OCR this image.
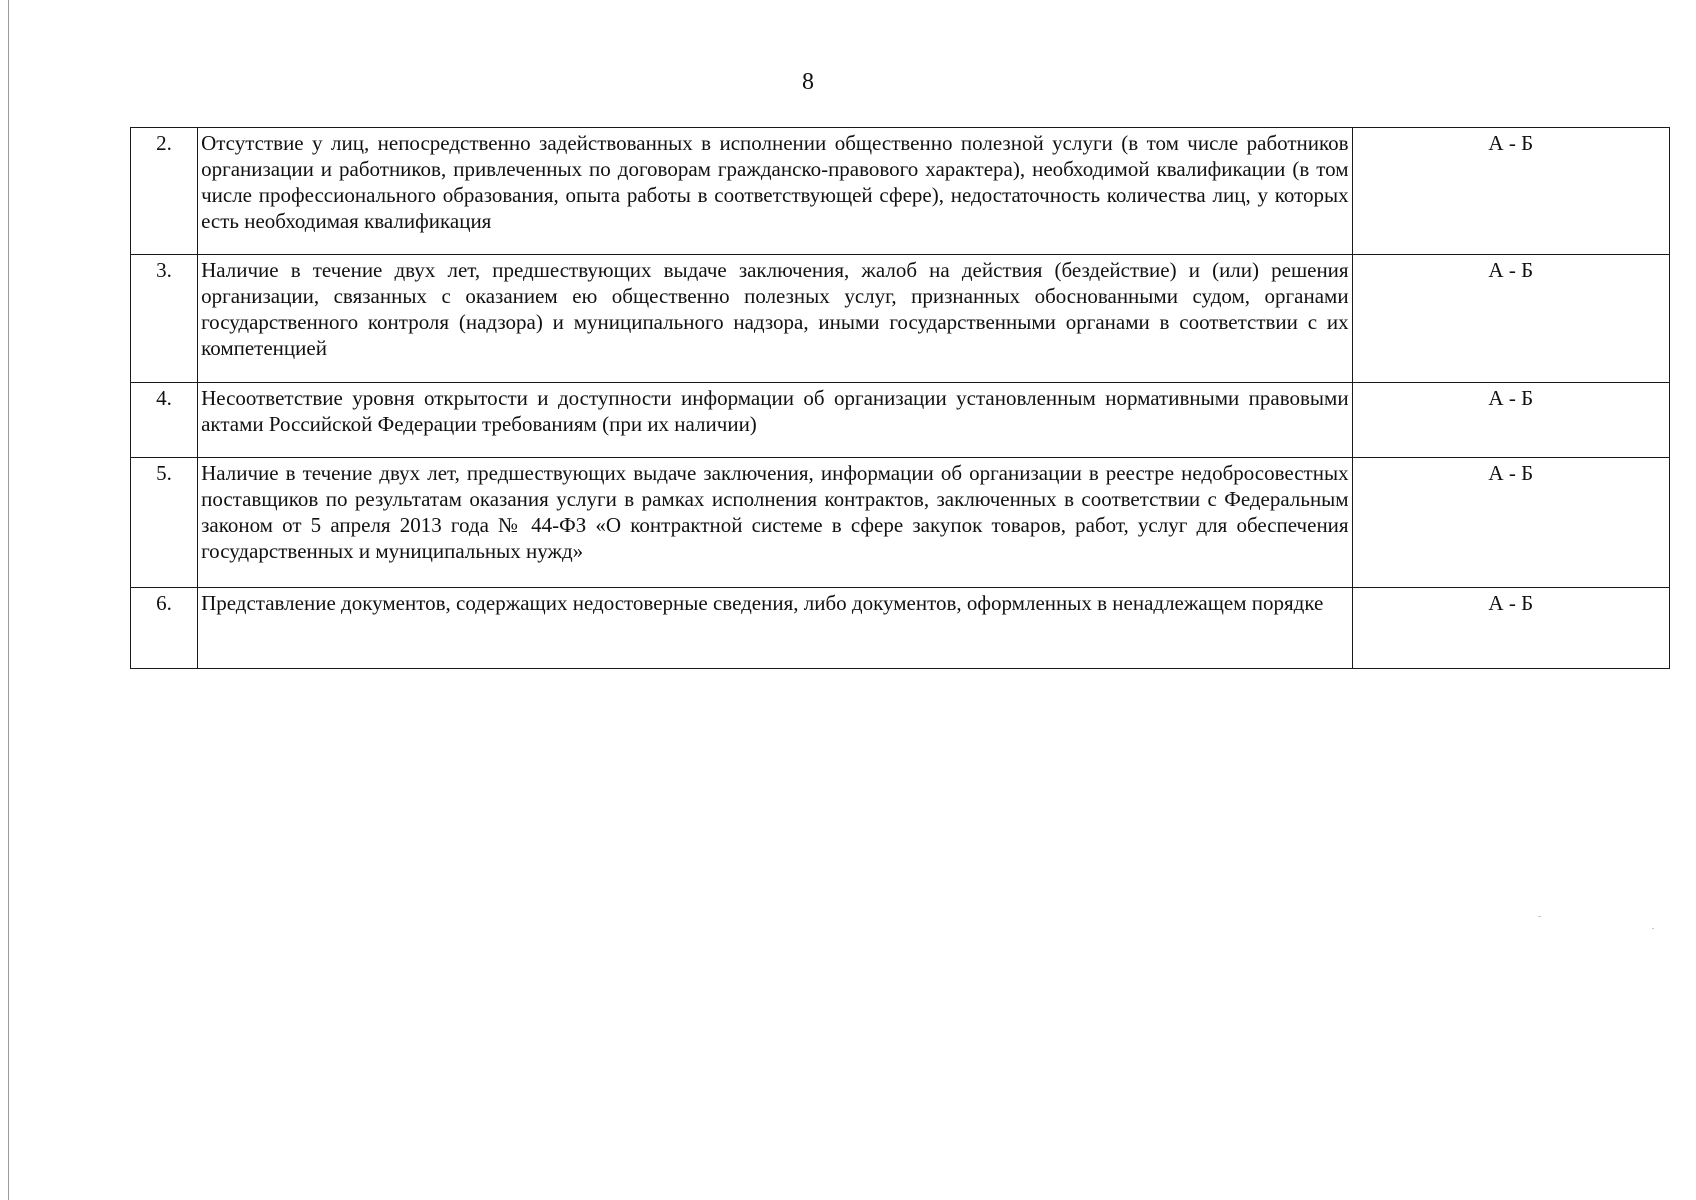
8
2.	Отсутствие у лиц, непосредственно задействованных в исполнении общественно полезной услуги (в том числе работников организации и работников, привлеченных по договорам гражданско-правового характера), необходимой квалификации (в том числе профессионального образования, опыта работы в соответствующей сфере), недостаточность количества лиц, у которых есть необходимая квалификация	А - Б
3.	Наличие в течение двух лет, предшествующих выдаче заключения, жалоб на действия (бездействие) и (или) решения организации, связанных с оказанием ею общественно полезных услуг, признанных обоснованными судом, органами государственного контроля (надзора) и муниципального надзора, иными государственными органами в соответствии с их компетенцией	А - Б
4.	Несоответствие уровня открытости и доступности информации об организации установленным нормативными правовыми актами Российской Федерации требованиям (при их наличии)	А - Б
5.	Наличие в течение двух лет, предшествующих выдаче заключения, информации об организации в реестре недобросовестных поставщиков по результатам оказания услуги в рамках исполнения контрактов, заключенных в соответствии с Федеральным законом от 5 апреля 2013 года № 44-ФЗ «О контрактной системе в сфере закупок товаров, работ, услуг для обеспечения государственных и муниципальных нужд»	А - Б
6.	Представление документов, содержащих недостоверные сведения, либо документов, оформленных в ненадлежащем порядке	А - Б
